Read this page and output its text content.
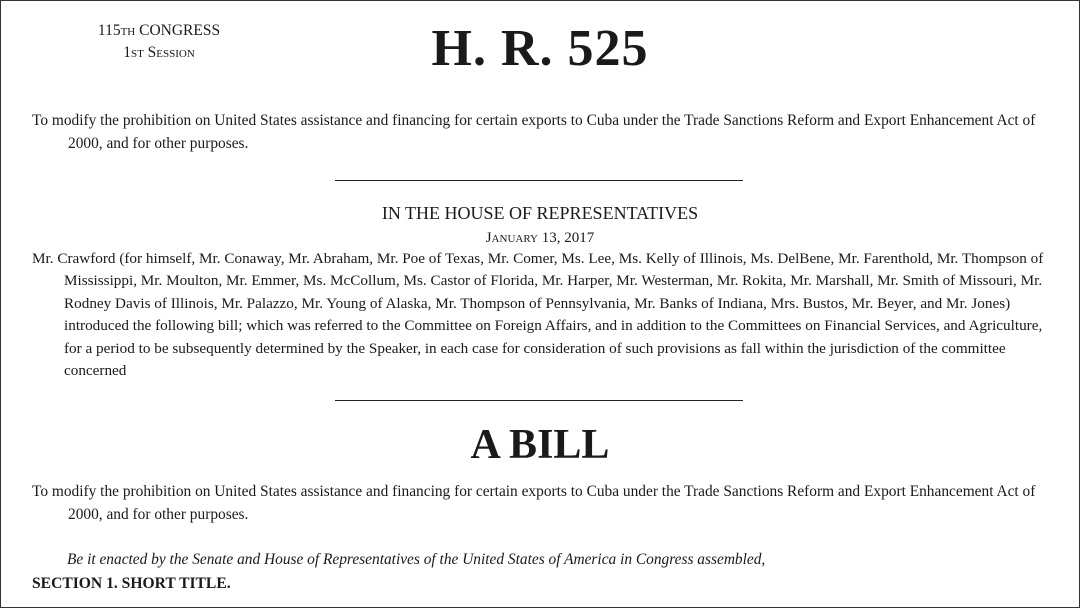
115th CONGRESS
1st Session	H. R. 525
To modify the prohibition on United States assistance and financing for certain exports to Cuba under the Trade Sanctions Reform and Export Enhancement Act of 2000, and for other purposes.
IN THE HOUSE OF REPRESENTATIVES
January 13, 2017
Mr. Crawford (for himself, Mr. Conaway, Mr. Abraham, Mr. Poe of Texas, Mr. Comer, Ms. Lee, Ms. Kelly of Illinois, Ms. DelBene, Mr. Farenthold, Mr. Thompson of Mississippi, Mr. Moulton, Mr. Emmer, Ms. McCollum, Ms. Castor of Florida, Mr. Harper, Mr. Westerman, Mr. Rokita, Mr. Marshall, Mr. Smith of Missouri, Mr. Rodney Davis of Illinois, Mr. Palazzo, Mr. Young of Alaska, Mr. Thompson of Pennsylvania, Mr. Banks of Indiana, Mrs. Bustos, Mr. Beyer, and Mr. Jones) introduced the following bill; which was referred to the Committee on Foreign Affairs, and in addition to the Committees on Financial Services, and Agriculture, for a period to be subsequently determined by the Speaker, in each case for consideration of such provisions as fall within the jurisdiction of the committee concerned
A BILL
To modify the prohibition on United States assistance and financing for certain exports to Cuba under the Trade Sanctions Reform and Export Enhancement Act of 2000, and for other purposes.
Be it enacted by the Senate and House of Representatives of the United States of America in Congress assembled,
SECTION 1. SHORT TITLE.
